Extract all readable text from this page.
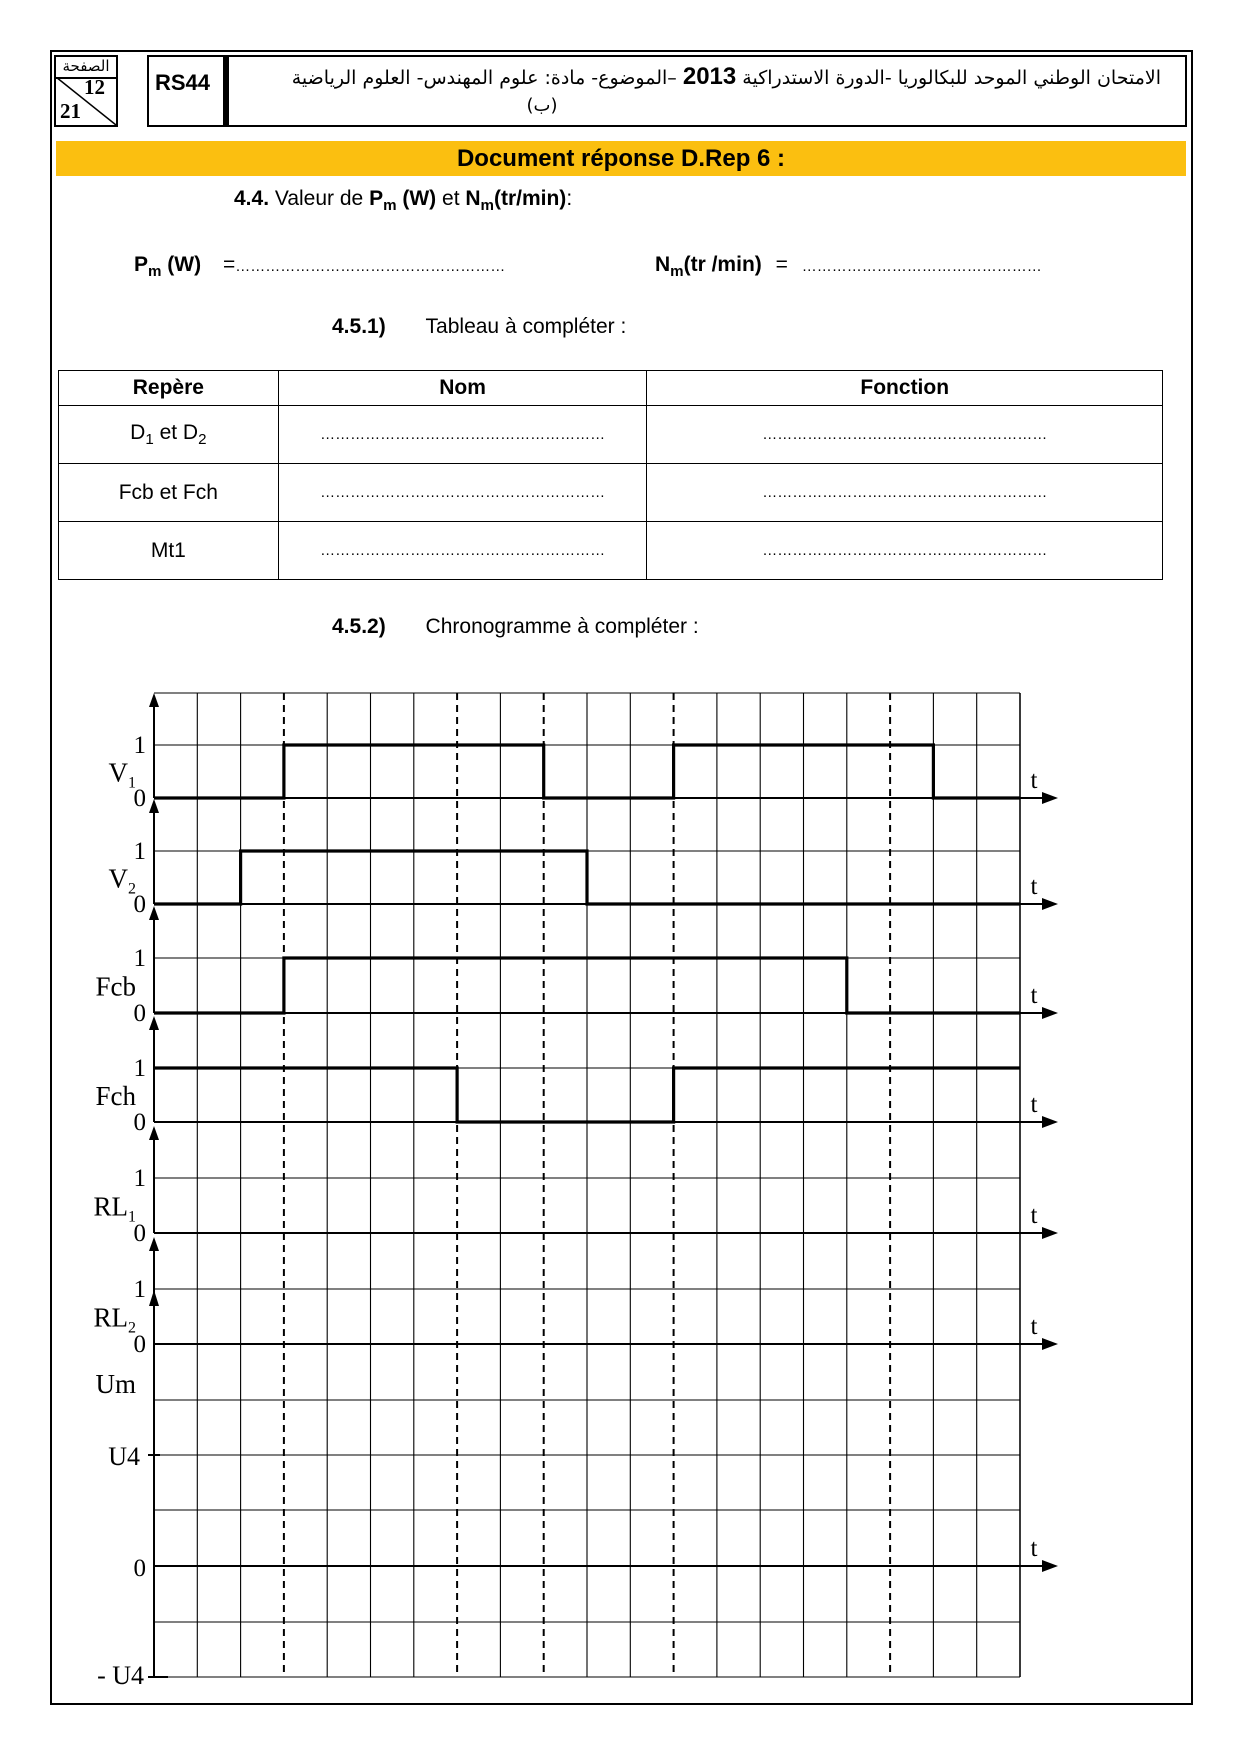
الصفحة
12
21
RS44	الامتحان الوطني الموحد للبكالوريا -الدورة الاستدراكية 2013 –الموضوع- مادة: علوم المهندس- العلوم الرياضية
(ب)
Document réponse D.Rep 6 :
4.4. Valeur de $P_m$ (W) et $N_m(tr/\min)$:
$P_m$ (W) =………………………………………………	$N_m(tr$ /min) = …………………………………………
4.5.1) Tableau à compléter :
Repère	Nom	Fonction
$D_1$ et $D_2$	…………………………………………………	…………………………………………………
Fcb et Fch	…………………………………………………	…………………………………………………
Mt1	…………………………………………………	…………………………………………………
4.5.2) Chronogramme à compléter :
1
0
$V_1$	t
1
0
$V_2$	t
1
0
Fcb	t
1
0
Fch	t
1
0
$RL_1$	t
1
0
$RL_2$	t
Um
U4
0
- U4
t
